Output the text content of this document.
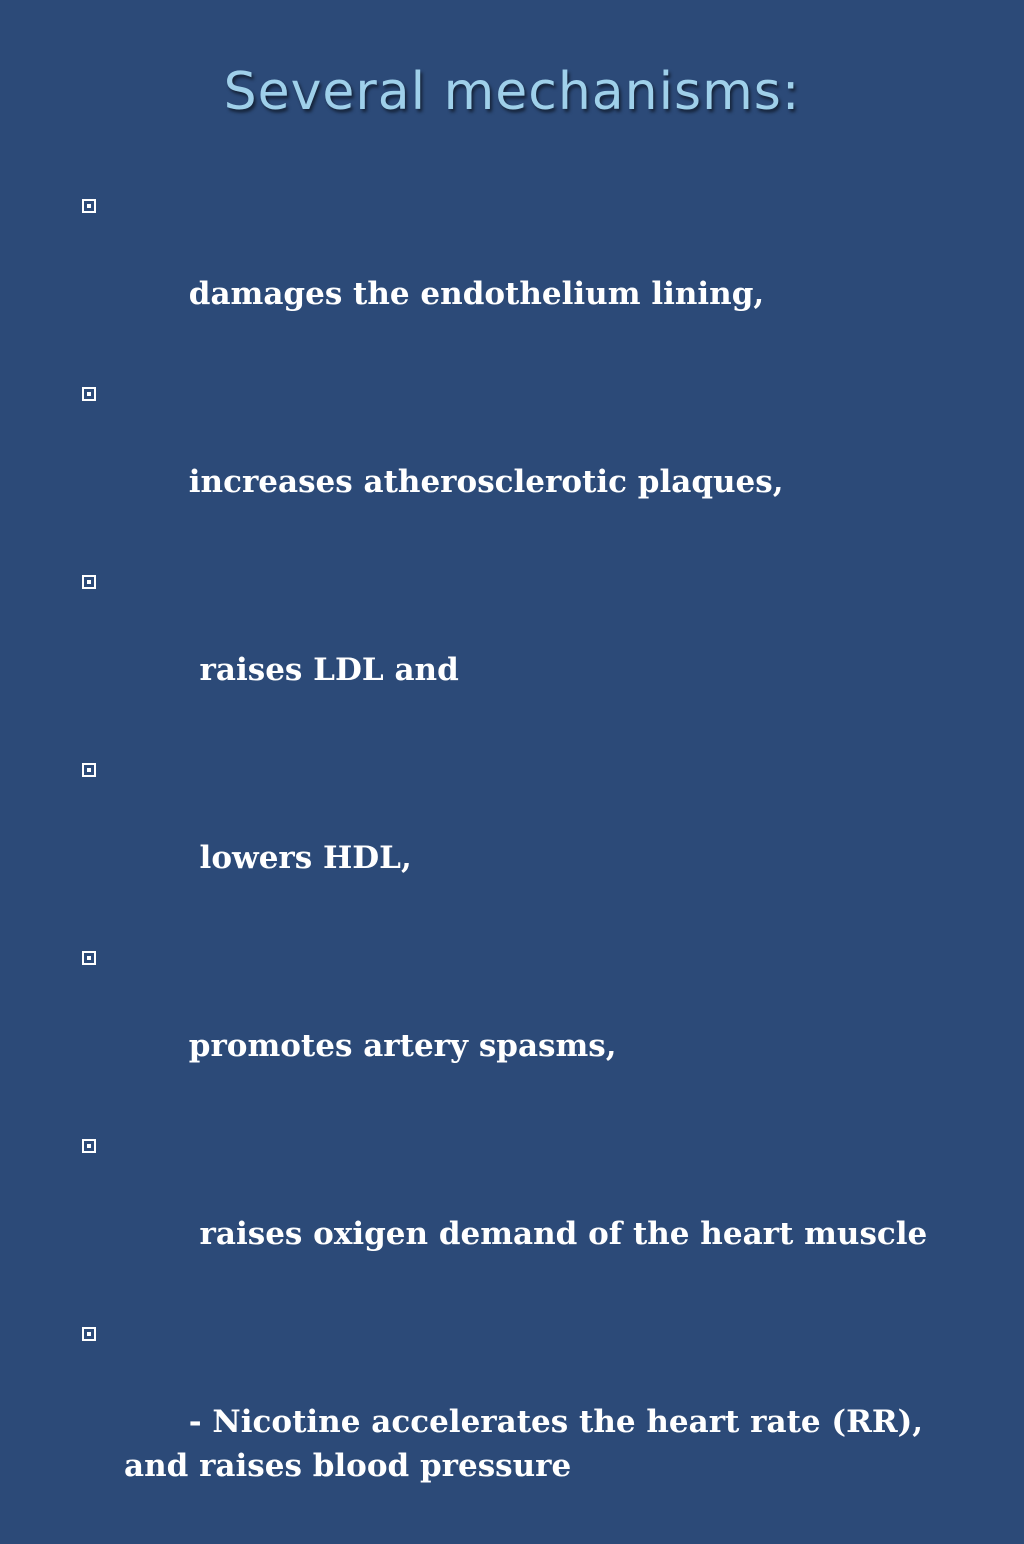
Several mechanisms:

damages the endothelium lining,

increases atherosclerotic plaques,

raises LDL and

lowers HDL,

promotes artery spasms,

raises oxigen demand of the heart muscle

- Nicotine accelerates the heart rate (RR), and raises blood pressure
